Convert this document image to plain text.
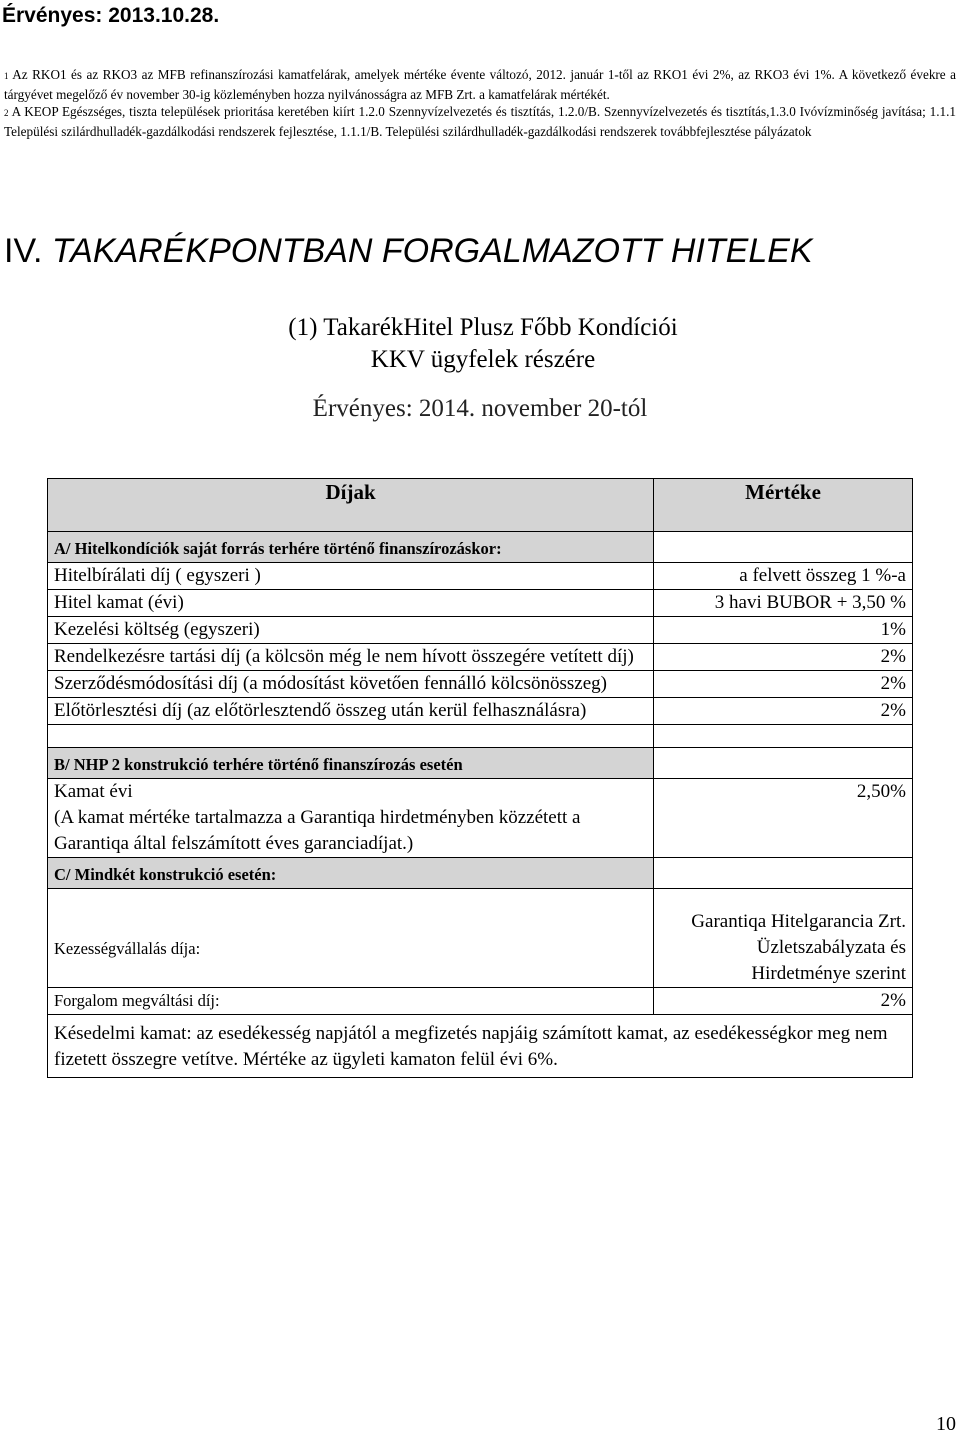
Érvényes: 2013.10.28.

1 Az RKO1 és az RKO3 az MFB refinanszírozási kamatfelárak, amelyek mértéke évente változó, 2012. január 1-től az RKO1 évi 2%, az RKO3 évi 1%. A következő évekre a tárgyévet megelőző év november 30-ig közleményben hozza nyilvánosságra az MFB Zrt. a kamatfelárak mértékét.

2 A KEOP Egészséges, tiszta települések prioritása keretében kiírt 1.2.0 Szennyvízelvezetés és tisztítás, 1.2.0/B. Szennyvízelvezetés és tisztítás,1.3.0 Ivóvízminőség javítása; 1.1.1 Települési szilárdhulladék-gazdálkodási rendszerek fejlesztése, 1.1.1/B. Települési szilárdhulladék-gazdálkodási rendszerek továbbfejlesztése pályázatok

IV. TAKARÉKPONTBAN FORGALMAZOTT HITELEK
(1) TakarékHitel Plusz Főbb Kondíciói
KKV ügyfelek részére
Érvényes: 2014. november 20-tól
Díjak	Mértéke
A/ Hitelkondíciók saját forrás terhére történő finanszírozáskor:	
Hitelbírálati díj ( egyszeri )	a felvett összeg 1 %-a
Hitel kamat (évi)	3 havi BUBOR + 3,50 %
Kezelési költség (egyszeri)	1%
Rendelkezésre tartási díj (a kölcsön még le nem hívott összegére vetített díj)	2%
Szerződésmódosítási díj (a módosítást követően fennálló kölcsönösszeg)	2%
Előtörlesztési díj (az előtörlesztendő összeg után kerül felhasználásra)	2%

B/ NHP 2 konstrukció terhére történő finanszírozás esetén	

Kamat évi
(A kamat mértéke tartalmazza a Garantiqa hirdetményben közzétett a Garantiqa által felszámított éves garanciadíjat.)	2,50%
C/ Mindkét konstrukció esetén:	
Kezességvállalás díja:	Garantiqa Hitelgarancia Zrt. Üzletszabályzata és Hirdetménye szerint
Forgalom megváltási díj:	2%
Késedelmi kamat: az esedékesség napjától a megfizetés napjáig számított kamat, az esedékességkor meg nem fizetett összegre vetítve. Mértéke az ügyleti kamaton felül évi 6%.	
10
